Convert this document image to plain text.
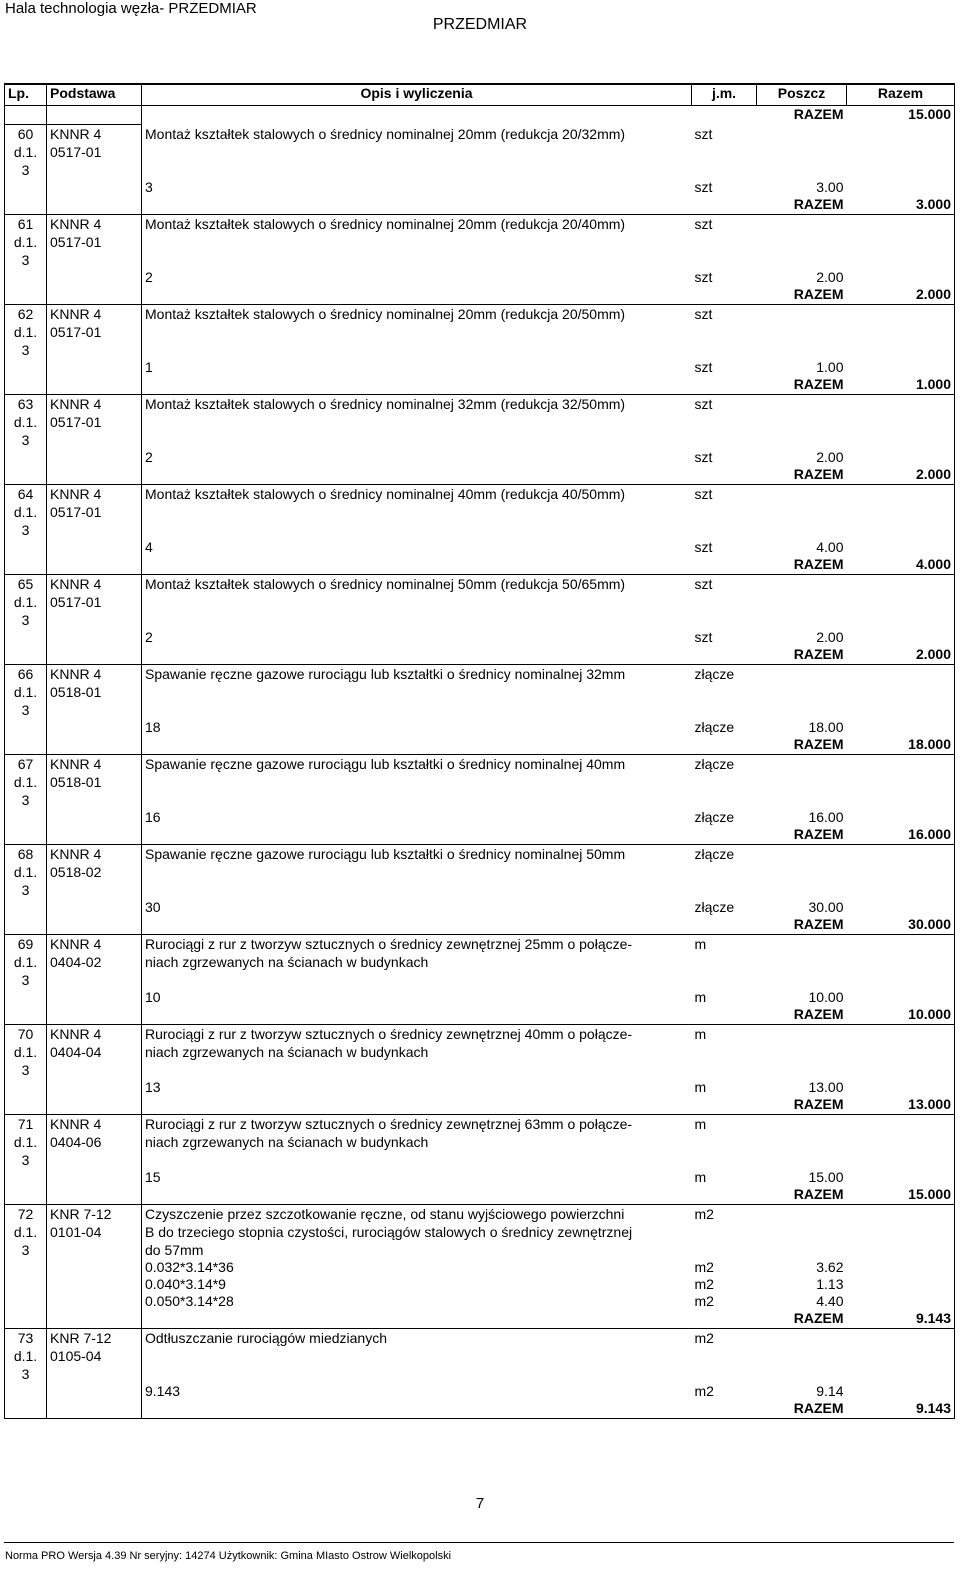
Hala technologia węzła- PRZEDMIAR
PRZEDMIAR
Lp.	Podstawa	Opis i wyliczenia	j.m.	Poszcz	Razem
				RAZEM	15.000
60	KNNR 4	Montaż kształtek stalowych o średnicy nominalnej 20mm (redukcja 20/32mm)	szt		
d.1.	0517-01				
3					
		3	szt	3.00	
				RAZEM	3.000
61	KNNR 4	Montaż kształtek stalowych o średnicy nominalnej 20mm (redukcja 20/40mm)	szt		
d.1.	0517-01				
3					
		2	szt	2.00	
				RAZEM	2.000
62	KNNR 4	Montaż kształtek stalowych o średnicy nominalnej 20mm (redukcja 20/50mm)	szt		
d.1.	0517-01				
3					
		1	szt	1.00	
				RAZEM	1.000
63	KNNR 4	Montaż kształtek stalowych o średnicy nominalnej 32mm (redukcja 32/50mm)	szt		
d.1.	0517-01				
3					
		2	szt	2.00	
				RAZEM	2.000
64	KNNR 4	Montaż kształtek stalowych o średnicy nominalnej 40mm (redukcja 40/50mm)	szt		
d.1.	0517-01				
3					
		4	szt	4.00	
				RAZEM	4.000
65	KNNR 4	Montaż kształtek stalowych o średnicy nominalnej 50mm (redukcja 50/65mm)	szt		
d.1.	0517-01				
3					
		2	szt	2.00	
				RAZEM	2.000
66	KNNR 4	Spawanie ręczne gazowe rurociągu lub kształtki o średnicy nominalnej 32mm	złącze		
d.1.	0518-01				
3					
		18	złącze	18.00	
				RAZEM	18.000
67	KNNR 4	Spawanie ręczne gazowe rurociągu lub kształtki o średnicy nominalnej 40mm	złącze		
d.1.	0518-01				
3					
		16	złącze	16.00	
				RAZEM	16.000
68	KNNR 4	Spawanie ręczne gazowe rurociągu lub kształtki o średnicy nominalnej 50mm	złącze		
d.1.	0518-02				
3					
		30	złącze	30.00	
				RAZEM	30.000
69	KNNR 4	Rurociągi z rur z tworzyw sztucznych o średnicy zewnętrznej 25mm o połącze-	m		
d.1.	0404-02	niach zgrzewanych na ścianach w budynkach			
3					
		10	m	10.00	
				RAZEM	10.000
70	KNNR 4	Rurociągi z rur z tworzyw sztucznych o średnicy zewnętrznej 40mm o połącze-	m		
d.1.	0404-04	niach zgrzewanych na ścianach w budynkach			
3					
		13	m	13.00	
				RAZEM	13.000
71	KNNR 4	Rurociągi z rur z tworzyw sztucznych o średnicy zewnętrznej 63mm o połącze-	m		
d.1.	0404-06	niach zgrzewanych na ścianach w budynkach			
3					
		15	m	15.00	
				RAZEM	15.000
72	KNR 7-12	Czyszczenie przez szczotkowanie ręczne, od stanu wyjściowego powierzchni	m2		
d.1.	0101-04	B do trzeciego stopnia czystości, rurociągów stalowych o średnicy zewnętrznej			
3		do 57mm			
		0.032*3.14*36	m2	3.62	
		0.040*3.14*9	m2	1.13	
		0.050*3.14*28	m2	4.40	
				RAZEM	9.143
73	KNR 7-12	Odtłuszczanie rurociągów miedzianych	m2		
d.1.	0105-04				
3					
		9.143	m2	9.14	
				RAZEM	9.143
7
Norma PRO Wersja 4.39 Nr seryjny: 14274 Użytkownik: Gmina MIasto Ostrow Wielkopolski
